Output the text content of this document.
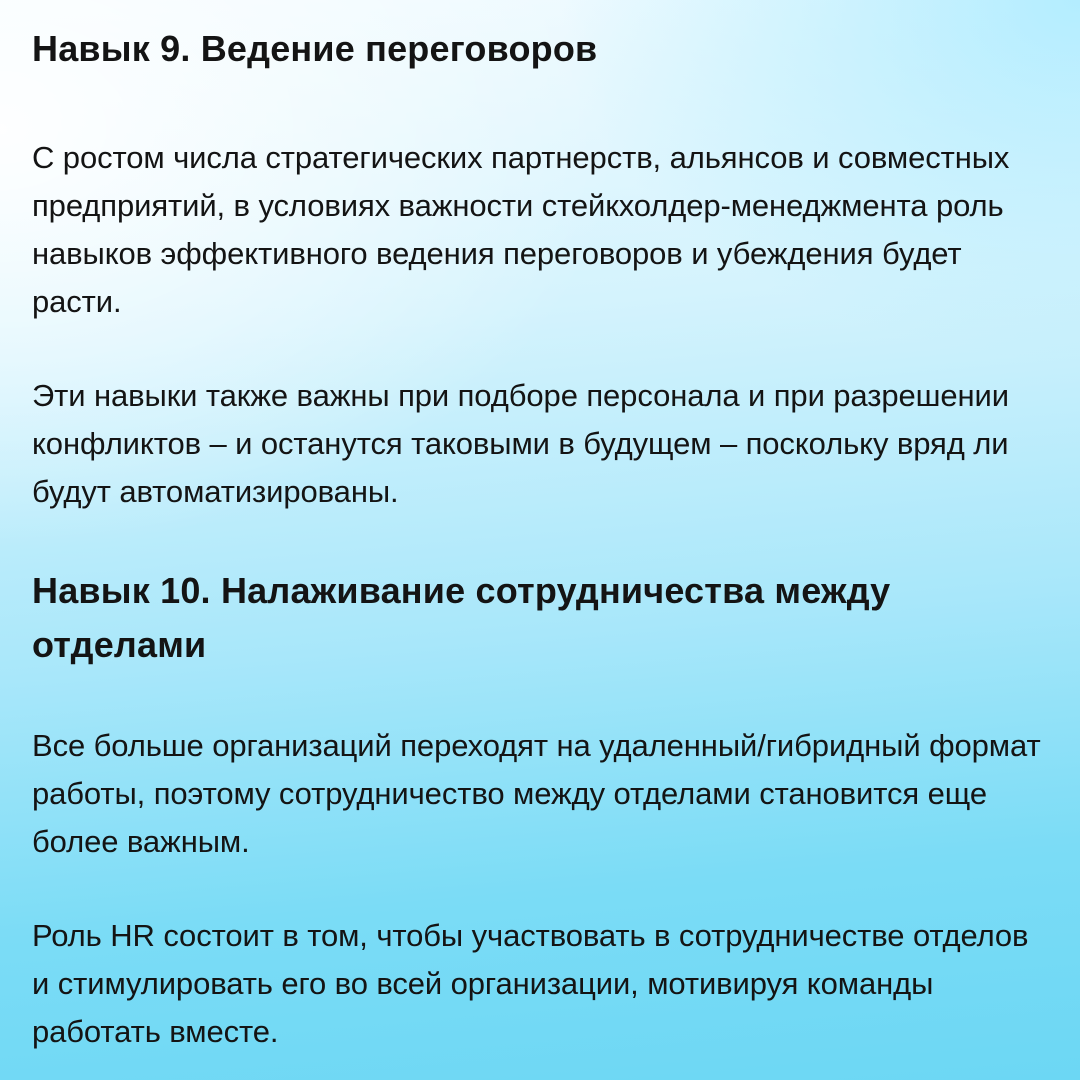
Навык 9. Ведение переговоров

С ростом числа стратегических партнерств, альянсов и совместных предприятий, в условиях важности стейкхолдер-менеджмента роль навыков эффективного ведения переговоров и убеждения будет расти.

Эти навыки также важны при подборе персонала и при разрешении конфликтов – и останутся таковыми в будущем – поскольку вряд ли будут автоматизированы.

Навык 10. Налаживание сотрудничества между отделами

Все больше организаций переходят на удаленный/гибридный формат работы, поэтому сотрудничество между отделами становится еще более важным.

Роль HR состоит в том, чтобы участвовать в сотрудничестве отделов и стимулировать его во всей организации, мотивируя команды работать вместе.
